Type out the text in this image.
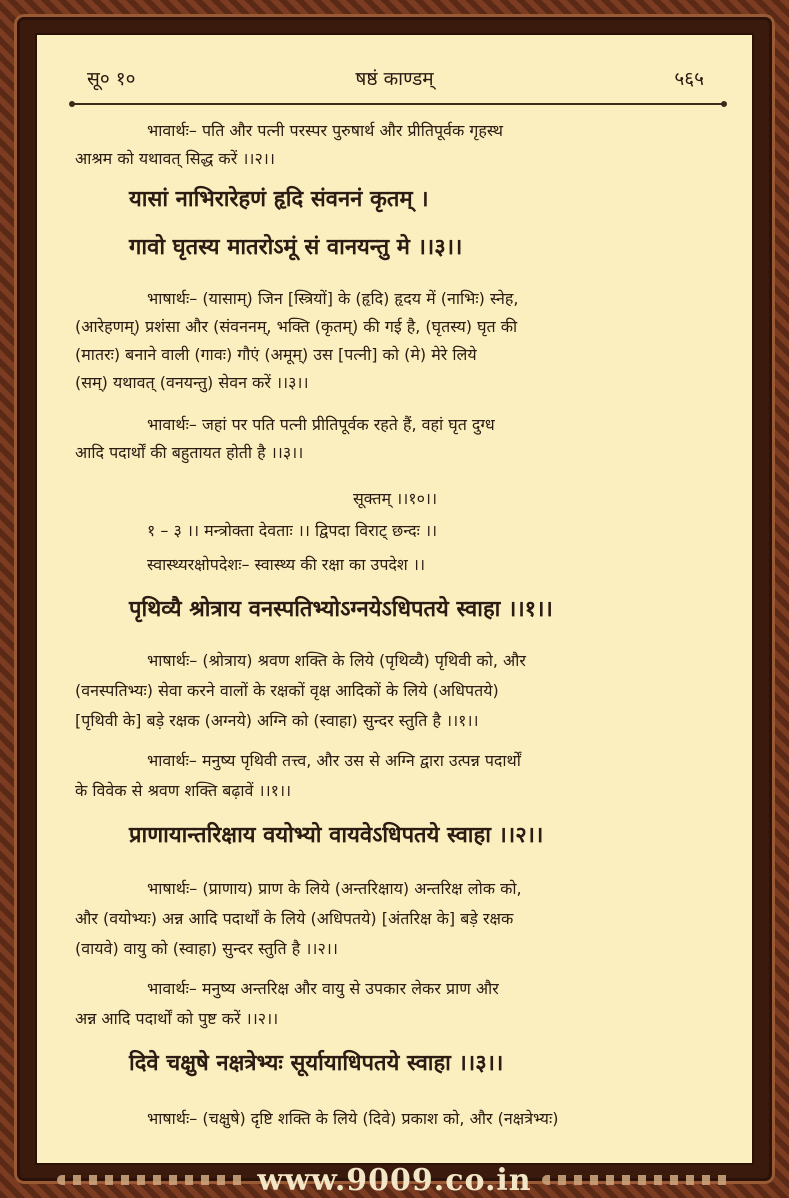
सू० १०	षष्ठं काण्डम्	५६५
भावार्थः– पति और पत्नी परस्पर पुरुषार्थ और प्रीतिपूर्वक गृहस्थ
आश्रम को यथावत् सिद्ध करें ।।२।।
यासां नाभिरारेहणं हृदि संवननं कृतम् ।
गावो घृतस्य मातरोऽमूं सं वानयन्तु मे ।।३।।
भाषार्थः– (यासाम्) जिन [स्त्रियों] के (हृदि) हृदय में (नाभिः) स्नेह,
(आरेहणम्) प्रशंसा और (संवननम्, भक्ति (कृतम्) की गई है, (घृतस्य) घृत की
(मातरः) बनाने वाली (गावः) गौएं (अमूम्) उस [पत्नी] को (मे) मेरे लिये
(सम्) यथावत् (वनयन्तु) सेवन करें ।।३।।
भावार्थः– जहां पर पति पत्नी प्रीतिपूर्वक रहते हैं, वहां घृत दुग्ध
आदि पदार्थों की बहुतायत होती है ।।३।।
सूक्तम् ।।१०।।
१ – ३ ।। मन्त्रोक्ता देवताः ।। द्विपदा विराट् छन्दः ।।
स्वास्थ्यरक्षोपदेशः– स्वास्थ्य की रक्षा का उपदेश ।।
पृथिव्यै श्रोत्राय वनस्पतिभ्योऽग्नयेऽधिपतये स्वाहा ।।१।।
भाषार्थः– (श्रोत्राय) श्रवण शक्ति के लिये (पृथिव्यै) पृथिवी को, और
(वनस्पतिभ्यः) सेवा करने वालों के रक्षकों वृक्ष आदिकों के लिये (अधिपतये)
[पृथिवी के] बड़े रक्षक (अग्नये) अग्नि को (स्वाहा) सुन्दर स्तुति है ।।१।।
भावार्थः– मनुष्य पृथिवी तत्त्व, और उस से अग्नि द्वारा उत्पन्न पदार्थों
के विवेक से श्रवण शक्ति बढ़ावें ।।१।।
प्राणायान्तरिक्षाय वयोभ्यो वायवेऽधिपतये स्वाहा ।।२।।
भाषार्थः– (प्राणाय) प्राण के लिये (अन्तरिक्षाय) अन्तरिक्ष लोक को,
और (वयोभ्यः) अन्न आदि पदार्थों के लिये (अधिपतये) [अंतरिक्ष के] बड़े रक्षक
(वायवे) वायु को (स्वाहा) सुन्दर स्तुति है ।।२।।
भावार्थः– मनुष्य अन्तरिक्ष और वायु से उपकार लेकर प्राण और
अन्न आदि पदार्थों को पुष्ट करें ।।२।।
दिवे चक्षुषे नक्षत्रेभ्यः सूर्यायाधिपतये स्वाहा ।।३।।
भाषार्थः– (चक्षुषे) दृष्टि शक्ति के लिये (दिवे) प्रकाश को, और (नक्षत्रेभ्यः)
www.9009.co.in
